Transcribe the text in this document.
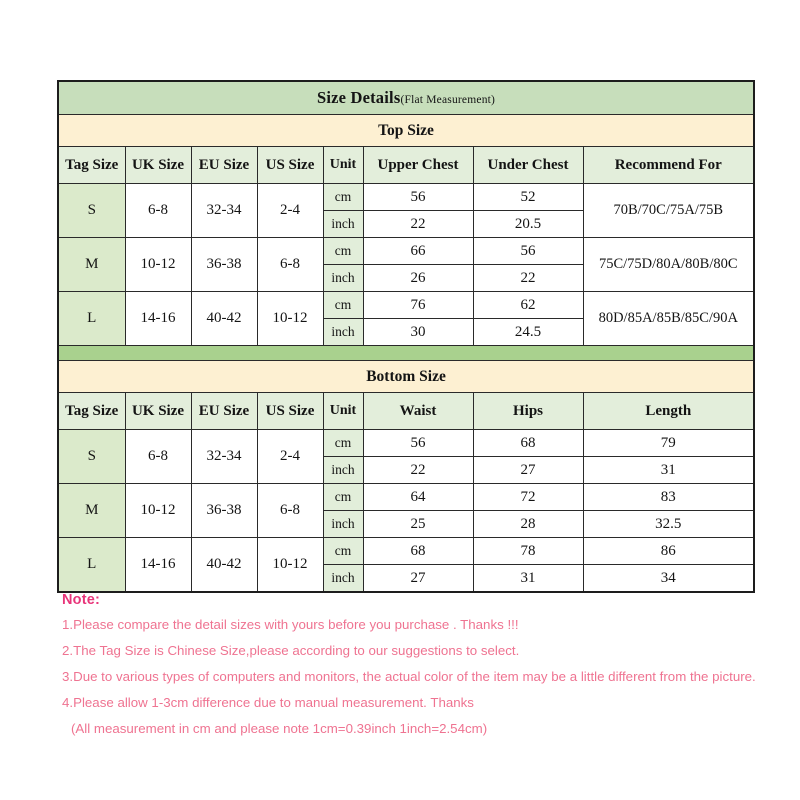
Size Details(Flat Measurement)							
Top Size							
Tag Size	UK Size	EU Size	US Size	Unit	Upper Chest	Under Chest	Recommend For
S	6-8	32-34	2-4	cm	56	52	70B/70C/75A/75B
				inch	22	20.5	
M	10-12	36-38	6-8	cm	66	56	75C/75D/80A/80B/80C
				inch	26	22	
L	14-16	40-42	10-12	cm	76	62	80D/85A/85B/85C/90A
				inch	30	24.5	

Bottom Size							
Tag Size	UK Size	EU Size	US Size	Unit	Waist	Hips	Length
S	6-8	32-34	2-4	cm	56	68	79
				inch	22	27	31
M	10-12	36-38	6-8	cm	64	72	83
				inch	25	28	32.5
L	14-16	40-42	10-12	cm	68	78	86
				inch	27	31	34
Note:
1.Please compare the detail sizes with yours before you purchase . Thanks !!!
2.The Tag Size is Chinese Size,please according to our suggestions to select.
3.Due to various types of computers and monitors, the actual color of the item may be a little different from the picture.
4.Please allow 1-3cm difference due to manual measurement. Thanks
(All measurement in cm and please note 1cm=0.39inch 1inch=2.54cm)
